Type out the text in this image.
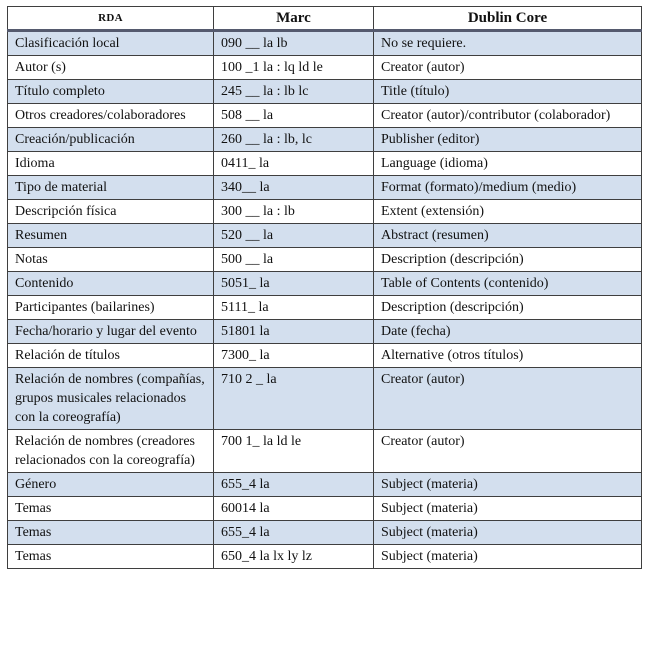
RDA	Marc	Dublin Core
Clasificación local	090 __ la lb	No se requiere.
Autor (s)	100 _1 la : lq ld le	Creator (autor)
Título completo	245 __ la : lb lc	Title (título)
Otros creadores/colaboradores	508 __ la	Creator (autor)/contributor (colaborador)
Creación/publicación	260 __ la : lb, lc	Publisher (editor)
Idioma	0411_ la	Language (idioma)
Tipo de material	340__ la	Format (formato)/medium (medio)
Descripción física	300 __ la : lb	Extent (extensión)
Resumen	520 __ la	Abstract (resumen)
Notas	500 __ la	Description (descripción)
Contenido	5051_ la	Table of Contents (contenido)
Participantes (bailarines)	5111_ la	Description (descripción)
Fecha/horario y lugar del evento	51801 la	Date (fecha)
Relación de títulos	7300_ la	Alternative (otros títulos)
Relación de nombres (compañías, grupos musicales relacionados con la coreografía)	710 2 _ la	Creator (autor)
Relación de nombres (creadores relacionados con la coreografía)	700 1_ la ld le	Creator (autor)
Género	655_4 la	Subject (materia)
Temas	60014 la	Subject (materia)
Temas	655_4 la	Subject (materia)
Temas	650_4 la lx ly lz	Subject (materia)
